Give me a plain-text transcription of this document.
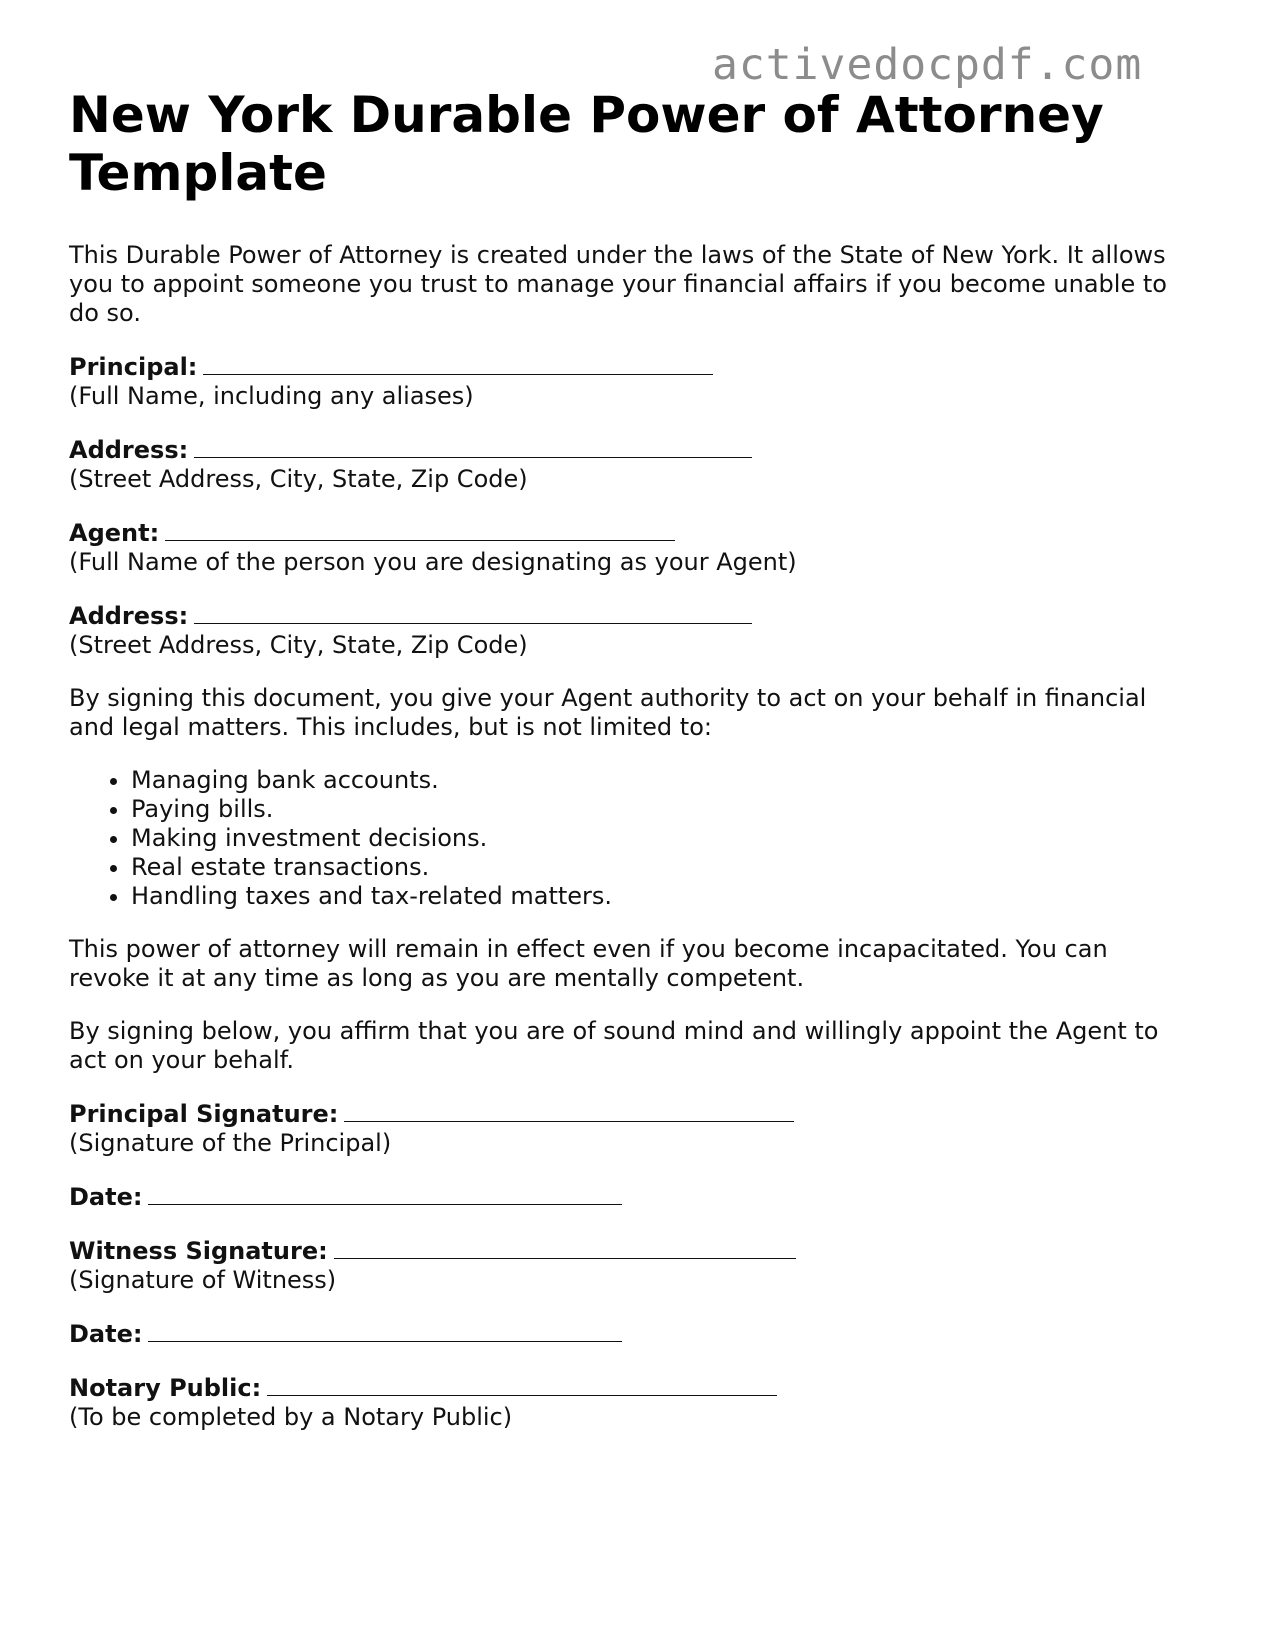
activedocpdf.com
New York Durable Power of Attorney Template

This Durable Power of Attorney is created under the laws of the State of New York. It allows you to appoint someone you trust to manage your financial affairs if you become unable to do so.

Principal:
(Full Name, including any aliases)
Address:
(Street Address, City, State, Zip Code)
Agent:
(Full Name of the person you are designating as your Agent)
Address:
(Street Address, City, State, Zip Code)

By signing this document, you give your Agent authority to act on your behalf in financial and legal matters. This includes, but is not limited to:

• Managing bank accounts.
• Paying bills.
• Making investment decisions.
• Real estate transactions.
• Handling taxes and tax-related matters.

This power of attorney will remain in effect even if you become incapacitated. You can revoke it at any time as long as you are mentally competent.

By signing below, you affirm that you are of sound mind and willingly appoint the Agent to act on your behalf.

Principal Signature:
(Signature of the Principal)
Date:
Witness Signature:
(Signature of Witness)
Date:
Notary Public:
(To be completed by a Notary Public)
